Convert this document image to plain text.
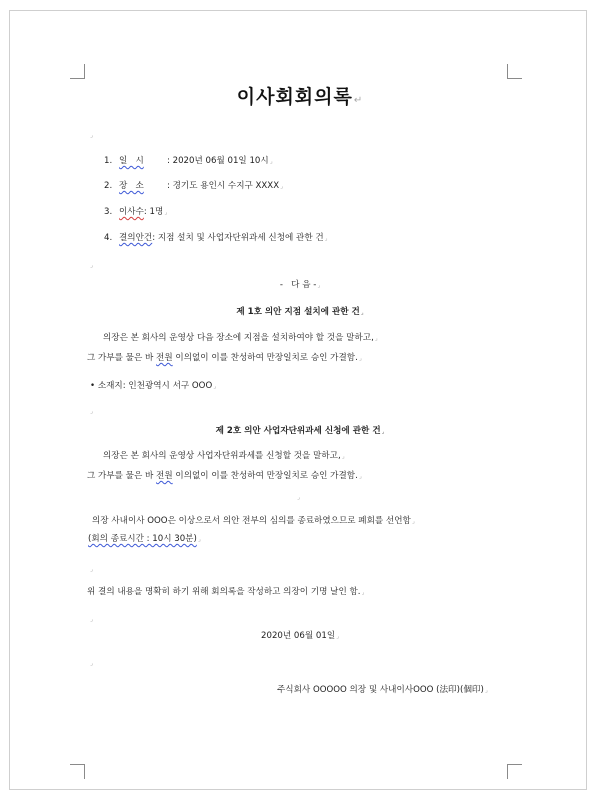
이사회회의록↵
⌟
1. 일   시	: 2020년 06월 01일 10시⌟
2. 장   소	: 경기도 용인시 수지구 XXXX⌟
3. 이사수: 1명⌟
4. 결의안건: 지점 설치 및 사업자단위과세 신청에 관한 건⌟
⌟
-   다 음 -⌟
제 1호 의안 지점 설치에 관한 건⌟
의장은 본 회사의 운영상 다음 장소에 지점을 설치하여야 할 것을 말하고,⌟
그 가부를 물은 바 전원 이의없이 이를 찬성하여 만장일치로 승인 가결함.⌟
• 소재지: 인천광역시 서구 OOO⌟
⌟
제 2호 의안 사업자단위과세 신청에 관한 건⌟
의장은 본 회사의 운영상 사업자단위과세를 신청할 것을 말하고,⌟
그 가부를 물은 바 전원 이의없이 이를 찬성하여 만장일치로 승인 가결함.⌟
⌟
의장 사내이사 OOO은 이상으로서 의안 전부의 심의를 종료하였으므로 폐회를 선언함⌟
(회의 종료시간 : 10시 30분)⌟
⌟
위 결의 내용을 명확히 하기 위해 회의록을 작성하고 의장이 기명 날인 함.⌟
⌟
2020년 06월 01일⌟
⌟
주식회사 OOOOO 의장 및 사내이사OOO (法印)(個印)⌟
